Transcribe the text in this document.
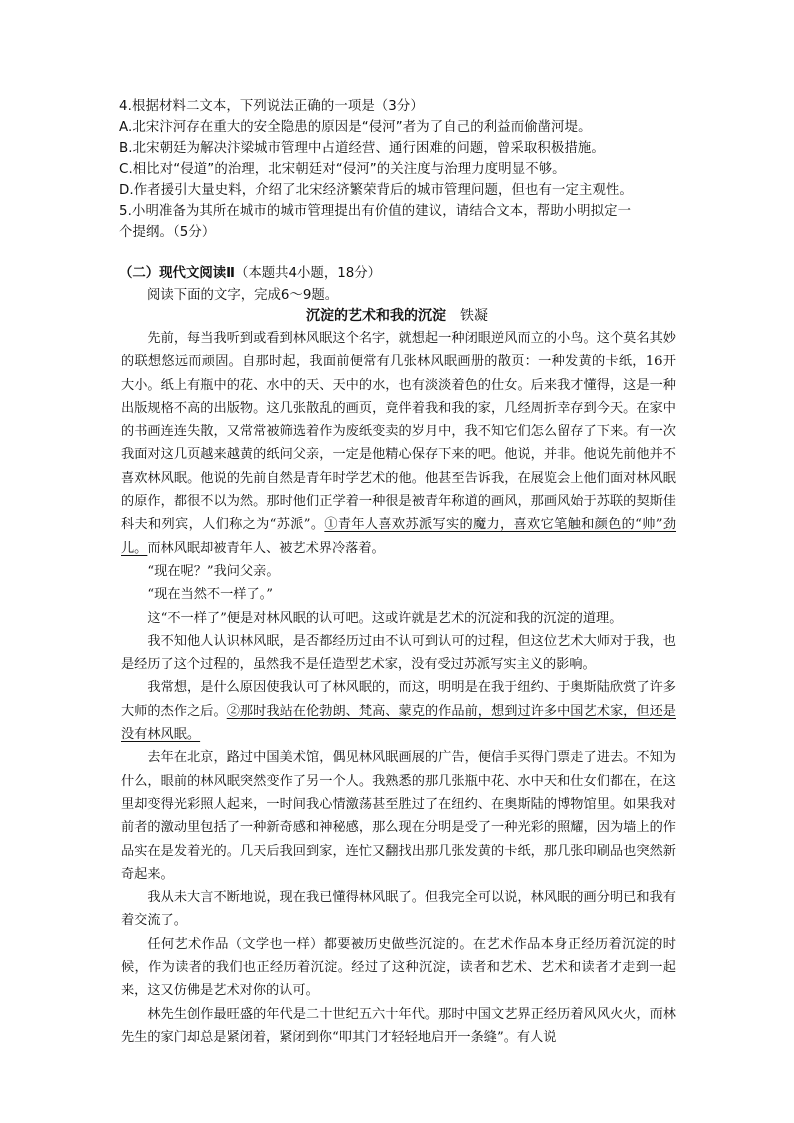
4.根据材料二文本，下列说法正确的一项是（3分）
A.北宋汴河存在重大的安全隐患的原因是“侵河”者为了自己的利益而偷凿河堤。
B.北宋朝廷为解决汴梁城市管理中占道经营、通行困难的问题，曾采取积极措施。
C.相比对“侵道”的治理，北宋朝廷对“侵河”的关注度与治理力度明显不够。
D.作者援引大量史料，介绍了北宋经济繁荣背后的城市管理问题，但也有一定主观性。
5.小明准备为其所在城市的城市管理提出有价值的建议，请结合文本，帮助小明拟定一
个提纲。（5分）
（二）现代文阅读Ⅱ（本题共4小题，18分）
阅读下面的文字，完成6～9题。
沉淀的艺术和我的沉淀 铁凝

先前，每当我听到或看到林风眠这个名字，就想起一种闭眼逆风而立的小鸟。这个莫名其妙的联想悠远而顽固。自那时起，我面前便常有几张林风眠画册的散页：一种发黄的卡纸，16开大小。纸上有瓶中的花、水中的天、天中的水，也有淡淡着色的仕女。后来我才懂得，这是一种出版规格不高的出版物。这几张散乱的画页，竟伴着我和我的家，几经周折幸存到今天。在家中的书画连连失散，又常常被筛选着作为废纸变卖的岁月中，我不知它们怎么留存了下来。有一次我面对这几页越来越黄的纸问父亲，一定是他精心保存下来的吧。他说，并非。他说先前他并不喜欢林风眠。他说的先前自然是青年时学艺术的他。他甚至告诉我，在展览会上他们面对林风眠的原作，都很不以为然。那时他们正学着一种很是被青年称道的画风，那画风始于苏联的契斯佳科夫和列宾，人们称之为“苏派”。①青年人喜欢苏派写实的魔力，喜欢它笔触和颜色的“帅”劲儿。而林风眠却被青年人、被艺术界冷落着。

“现在呢？”我问父亲。

“现在当然不一样了。”

这“不一样了”便是对林风眠的认可吧。这或许就是艺术的沉淀和我的沉淀的道理。

我不知他人认识林风眠，是否都经历过由不认可到认可的过程，但这位艺术大师对于我，也是经历了这个过程的，虽然我不是任造型艺术家，没有受过苏派写实主义的影响。

我常想，是什么原因使我认可了林风眠的，而这，明明是在我于纽约、于奥斯陆欣赏了许多大师的杰作之后。②那时我站在伦勃朗、梵高、蒙克的作品前，想到过许多中国艺术家，但还是没有林风眠。

去年在北京，路过中国美术馆，偶见林风眠画展的广告，便信手买得门票走了进去。不知为什么，眼前的林风眠突然变作了另一个人。我熟悉的那几张瓶中花、水中天和仕女们都在，在这里却变得光彩照人起来，一时间我心情激荡甚至胜过了在纽约、在奥斯陆的博物馆里。如果我对前者的激动里包括了一种新奇感和神秘感，那么现在分明是受了一种光彩的照耀，因为墙上的作品实在是发着光的。几天后我回到家，连忙又翻找出那几张发黄的卡纸，那几张印刷品也突然新奇起来。

我从未大言不断地说，现在我已懂得林风眠了。但我完全可以说，林风眠的画分明已和我有着交流了。

任何艺术作品（文学也一样）都要被历史做些沉淀的。在艺术作品本身正经历着沉淀的时候，作为读者的我们也正经历着沉淀。经过了这种沉淀，读者和艺术、艺术和读者才走到一起来，这又仿佛是艺术对你的认可。

林先生创作最旺盛的年代是二十世纪五六十年代。那时中国文艺界正经历着风风火火，而林先生的家门却总是紧闭着，紧闭到你“叩其门才轻轻地启开一条缝”。有人说
